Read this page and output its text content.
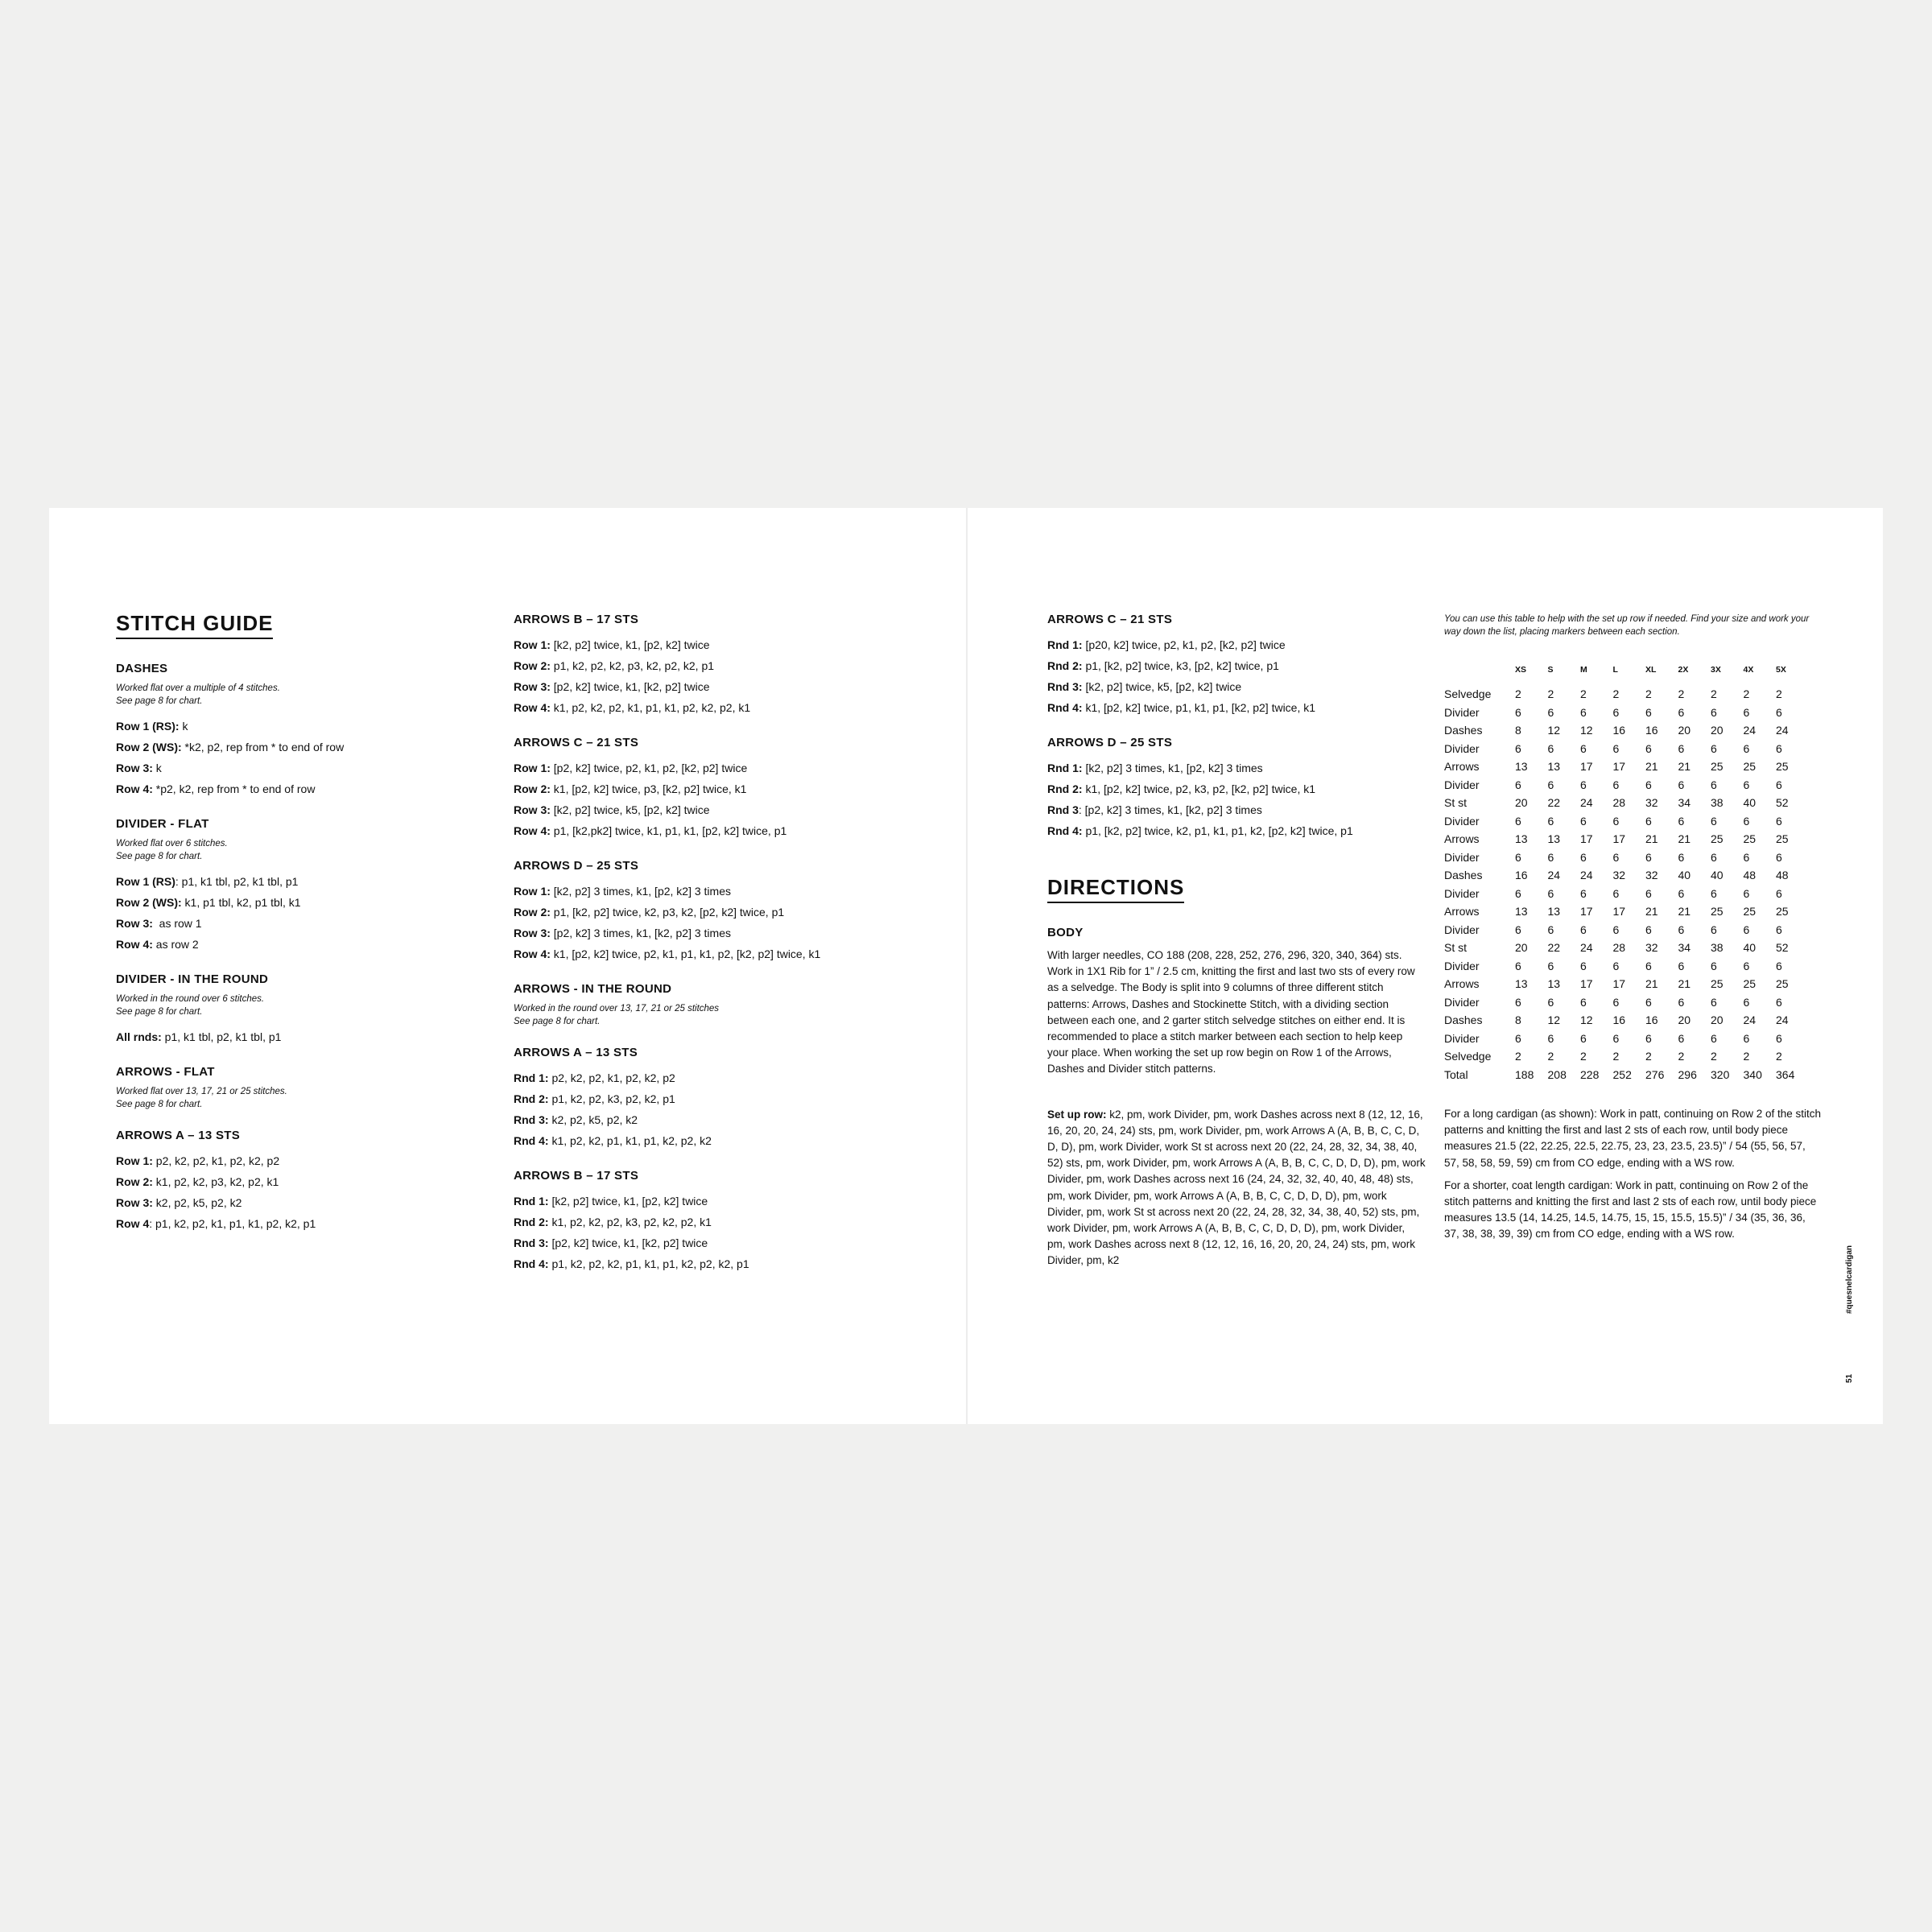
STITCH GUIDE
DASHES
Worked flat over a multiple of 4 stitches.
See page 8 for chart.
Row 1 (RS): k
Row 2 (WS): *k2, p2, rep from * to end of row
Row 3: k
Row 4: *p2, k2, rep from * to end of row
DIVIDER - FLAT
Worked flat over 6 stitches.
See page 8 for chart.
Row 1 (RS): p1, k1 tbl, p2, k1 tbl, p1
Row 2 (WS): k1, p1 tbl, k2, p1 tbl, k1
Row 3:  as row 1
Row 4: as row 2
DIVIDER - IN THE ROUND
Worked in the round over 6 stitches.
See page 8 for chart.
All rnds: p1, k1 tbl, p2, k1 tbl, p1
ARROWS - FLAT
Worked flat over 13, 17, 21 or 25 stitches.
See page 8 for chart.
ARROWS A – 13 STS
Row 1: p2, k2, p2, k1, p2, k2, p2
Row 2: k1, p2, k2, p3, k2, p2, k1
Row 3: k2, p2, k5, p2, k2
Row 4: p1, k2, p2, k1, p1, k1, p2, k2, p1
ARROWS B – 17 STS
Row 1: [k2, p2] twice, k1, [p2, k2] twice
Row 2: p1, k2, p2, k2, p3, k2, p2, k2, p1
Row 3: [p2, k2] twice, k1, [k2, p2] twice
Row 4: k1, p2, k2, p2, k1, p1, k1, p2, k2, p2, k1
ARROWS C – 21 STS
Row 1: [p2, k2] twice, p2, k1, p2, [k2, p2] twice
Row 2: k1, [p2, k2] twice, p3, [k2, p2] twice, k1
Row 3: [k2, p2] twice, k5, [p2, k2] twice
Row 4: p1, [k2,pk2] twice, k1, p1, k1, [p2, k2] twice, p1
ARROWS D – 25 STS
Row 1: [k2, p2] 3 times, k1, [p2, k2] 3 times
Row 2: p1, [k2, p2] twice, k2, p3, k2, [p2, k2] twice, p1
Row 3: [p2, k2] 3 times, k1, [k2, p2] 3 times
Row 4: k1, [p2, k2] twice, p2, k1, p1, k1, p2, [k2, p2] twice, k1
ARROWS - IN THE ROUND
Worked in the round over 13, 17, 21 or 25 stitches
See page 8 for chart.
ARROWS A – 13 STS
Rnd 1: p2, k2, p2, k1, p2, k2, p2
Rnd 2: p1, k2, p2, k3, p2, k2, p1
Rnd 3: k2, p2, k5, p2, k2
Rnd 4: k1, p2, k2, p1, k1, p1, k2, p2, k2
ARROWS B – 17 STS
Rnd 1: [k2, p2] twice, k1, [p2, k2] twice
Rnd 2: k1, p2, k2, p2, k3, p2, k2, p2, k1
Rnd 3: [p2, k2] twice, k1, [k2, p2] twice
Rnd 4: p1, k2, p2, k2, p1, k1, p1, k2, p2, k2, p1
ARROWS C – 21 STS
Rnd 1: [p20, k2] twice, p2, k1, p2, [k2, p2] twice
Rnd 2: p1, [k2, p2] twice, k3, [p2, k2] twice, p1
Rnd 3: [k2, p2] twice, k5, [p2, k2] twice
Rnd 4: k1, [p2, k2] twice, p1, k1, p1, [k2, p2] twice, k1
ARROWS D – 25 STS
Rnd 1: [k2, p2] 3 times, k1, [p2, k2] 3 times
Rnd 2: k1, [p2, k2] twice, p2, k3, p2, [k2, p2] twice, k1
Rnd 3: [p2, k2] 3 times, k1, [k2, p2] 3 times
Rnd 4: p1, [k2, p2] twice, k2, p1, k1, p1, k2, [p2, k2] twice, p1
DIRECTIONS
BODY

With larger needles, CO 188 (208, 228, 252, 276, 296, 320, 340, 364) sts. Work in 1X1 Rib for 1” / 2.5 cm, knitting the first and last two sts of every row as a selvedge. The Body is split into 9 columns of three different stitch patterns: Arrows, Dashes and Stockinette Stitch, with a dividing section between each one, and 2 garter stitch selvedge stitches on either end. It is recommended to place a stitch marker between each section to help keep your place. When working the set up row begin on Row 1 of the Arrows, Dashes and Divider stitch patterns.

Set up row: k2, pm, work Divider, pm, work Dashes across next 8 (12, 12, 16, 16, 20, 20, 24, 24) sts, pm, work Divider, pm, work Arrows A (A, B, B, C, C, D, D, D), pm, work Divider, work St st across next 20 (22, 24, 28, 32, 34, 38, 40, 52) sts, pm, work Divider, pm, work Arrows A (A, B, B, C, C, D, D, D), pm, work Divider, pm, work Dashes across next 16 (24, 24, 32, 32, 40, 40, 48, 48) sts, pm, work Divider, pm, work Arrows A (A, B, B, C, C, D, D, D), pm, work Divider, pm, work St st across next 20 (22, 24, 28, 32, 34, 38, 40, 52) sts, pm, work Divider, pm, work Arrows A (A, B, B, C, C, D, D, D), pm, work Divider, pm, work Dashes across next 8 (12, 12, 16, 16, 20, 20, 24, 24) sts, pm, work Divider, pm, k2

You can use this table to help with the set up row if needed. Find your size and work your way down the list, placing markers between each section.
	XS	S	M	L	XL	2X	3X	4X	5X
Selvedge	2	2	2	2	2	2	2	2	2
Divider	6	6	6	6	6	6	6	6	6
Dashes	8	12	12	16	16	20	20	24	24
Divider	6	6	6	6	6	6	6	6	6
Arrows	13	13	17	17	21	21	25	25	25
Divider	6	6	6	6	6	6	6	6	6
St st	20	22	24	28	32	34	38	40	52
Divider	6	6	6	6	6	6	6	6	6
Arrows	13	13	17	17	21	21	25	25	25
Divider	6	6	6	6	6	6	6	6	6
Dashes	16	24	24	32	32	40	40	48	48
Divider	6	6	6	6	6	6	6	6	6
Arrows	13	13	17	17	21	21	25	25	25
Divider	6	6	6	6	6	6	6	6	6
St st	20	22	24	28	32	34	38	40	52
Divider	6	6	6	6	6	6	6	6	6
Arrows	13	13	17	17	21	21	25	25	25
Divider	6	6	6	6	6	6	6	6	6
Dashes	8	12	12	16	16	20	20	24	24
Divider	6	6	6	6	6	6	6	6	6
Selvedge	2	2	2	2	2	2	2	2	2
Total	188	208	228	252	276	296	320	340	364

For a long cardigan (as shown): Work in patt, continuing on Row 2 of the stitch patterns and knitting the first and last 2 sts of each row, until body piece measures 21.5 (22, 22.25, 22.5, 22.75, 23, 23, 23.5, 23.5)” / 54 (55, 56, 57, 57, 58, 58, 59, 59) cm from CO edge, ending with a WS row.

For a shorter, coat length cardigan: Work in patt, continuing on Row 2 of the stitch patterns and knitting the first and last 2 sts of each row, until body piece measures 13.5 (14, 14.25, 14.5, 14.75, 15, 15, 15.5, 15.5)” / 34 (35, 36, 36, 37, 38, 38, 39, 39) cm from CO edge, ending with a WS row.

#quesnelcardigan
51
